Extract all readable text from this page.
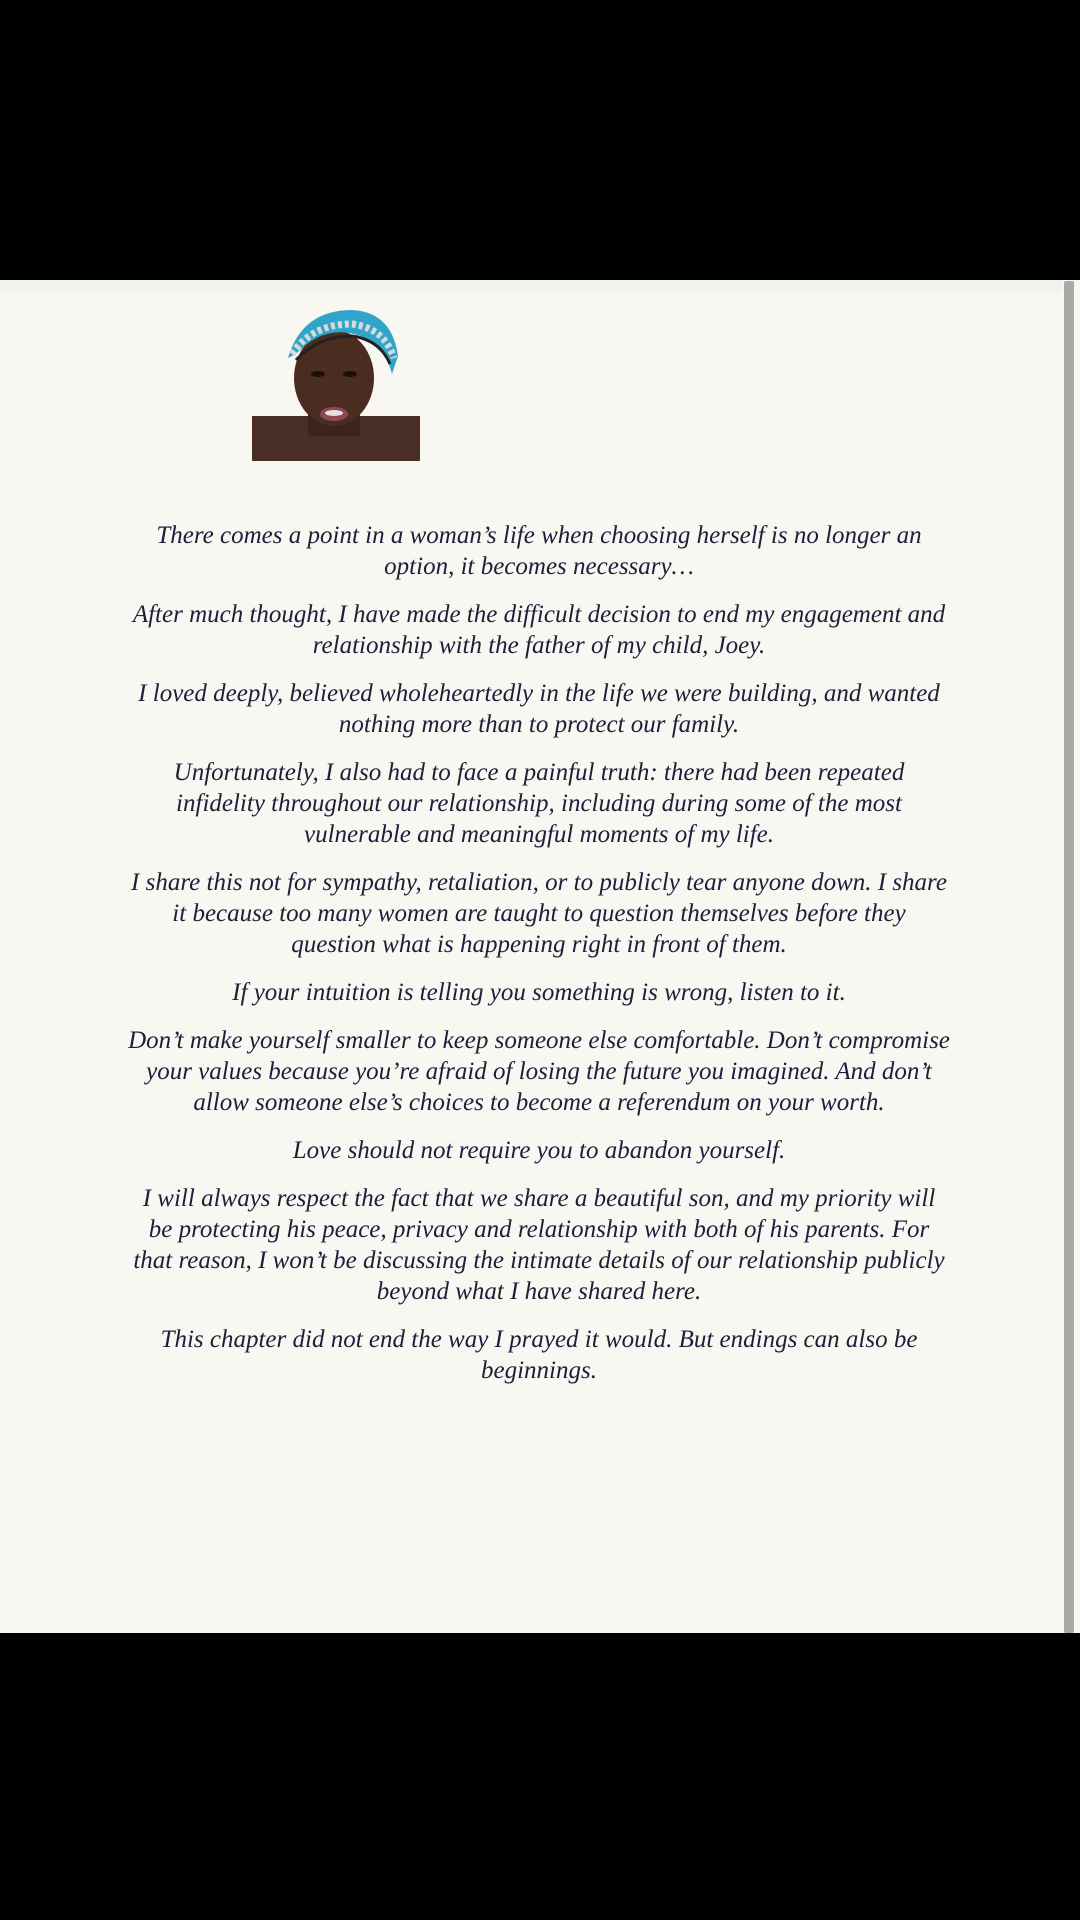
There comes a point in a woman’s life when choosing herself is no longer an option, it becomes necessary…

After much thought, I have made the difficult decision to end my engagement and relationship with the father of my child, Joey.

I loved deeply, believed wholeheartedly in the life we were building, and wanted nothing more than to protect our family.

Unfortunately, I also had to face a painful truth: there had been repeated infidelity throughout our relationship, including during some of the most vulnerable and meaningful moments of my life.

I share this not for sympathy, retaliation, or to publicly tear anyone down. I share it because too many women are taught to question themselves before they question what is happening right in front of them.

If your intuition is telling you something is wrong, listen to it.

Don’t make yourself smaller to keep someone else comfortable. Don’t compromise your values because you’re afraid of losing the future you imagined. And don’t allow someone else’s choices to become a referendum on your worth.

Love should not require you to abandon yourself.

I will always respect the fact that we share a beautiful son, and my priority will be protecting his peace, privacy and relationship with both of his parents. For that reason, I won’t be discussing the intimate details of our relationship publicly beyond what I have shared here.

This chapter did not end the way I prayed it would. But endings can also be beginnings.
